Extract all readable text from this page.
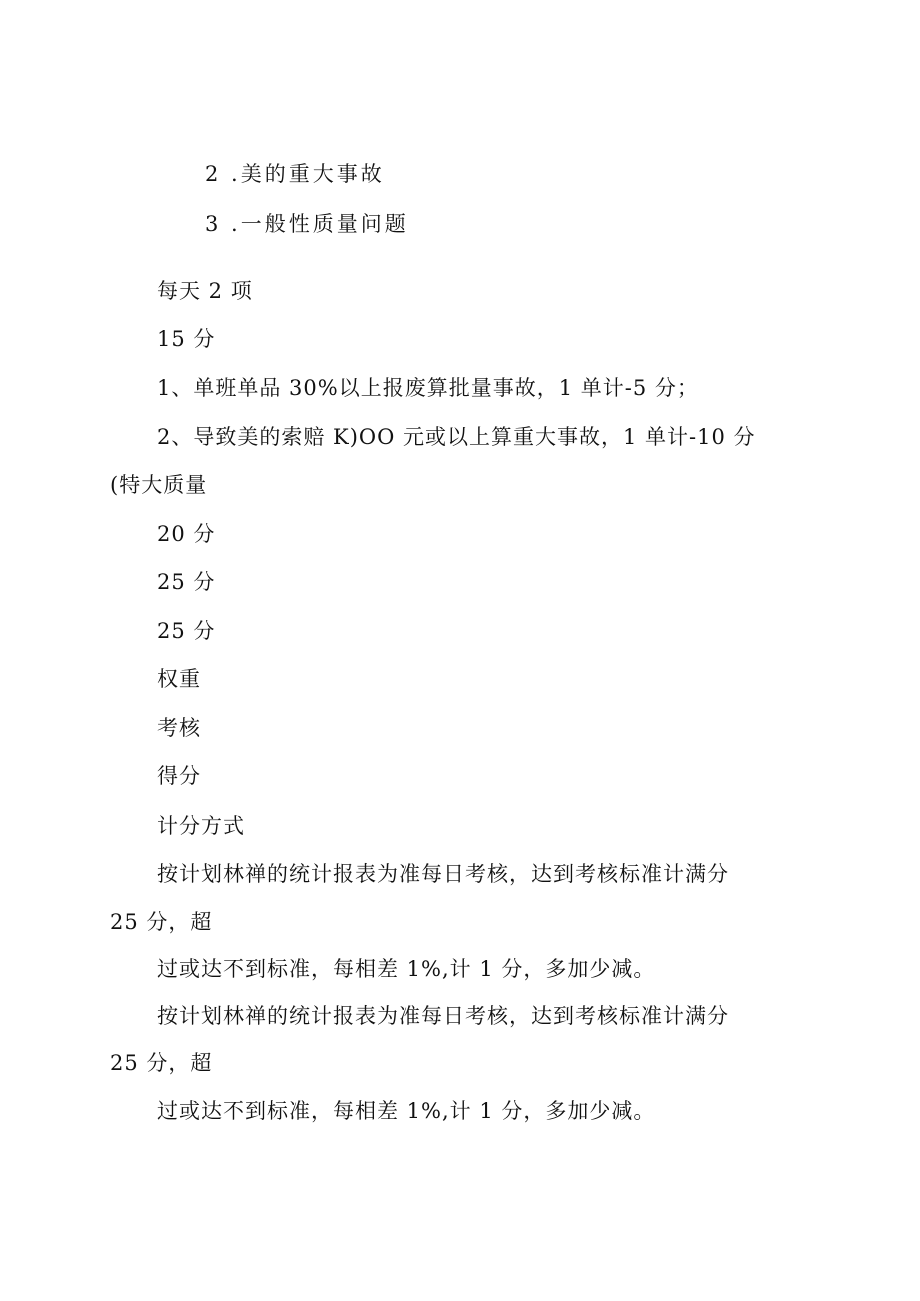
2 .美的重大事故
3 .一般性质量问题
每天 2 项
15 分
1、单班单品 30%以上报废算批量事故，1 单计-5 分；
2、导致美的索赔 K)OO 元或以上算重大事故，1 单计-10 分
(特大质量
20 分
25 分
25 分
权重
考核
得分
计分方式
按计划林禅的统计报表为准每日考核，达到考核标准计满分
25 分，超
过或达不到标准，每相差 1%,计 1 分，多加少减。
按计划林禅的统计报表为准每日考核，达到考核标准计满分
25 分，超
过或达不到标准，每相差 1%,计 1 分，多加少减。
